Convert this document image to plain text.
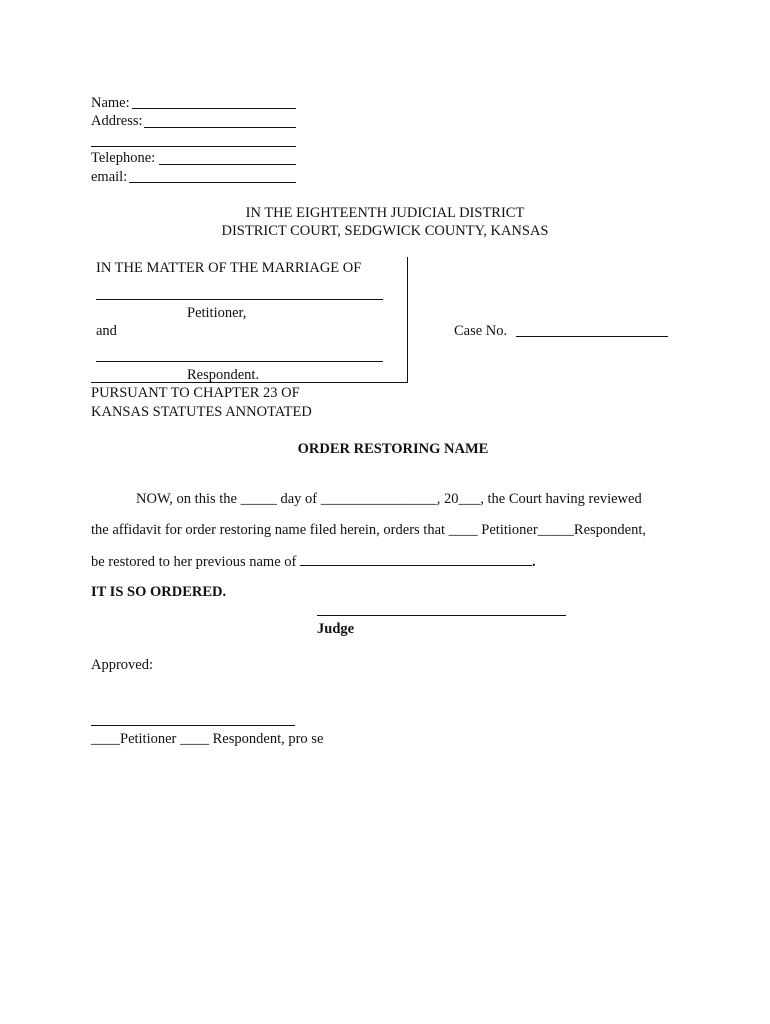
Name:
Address:
Telephone:
email:
IN THE EIGHTEENTH JUDICIAL DISTRICT
DISTRICT COURT, SEDGWICK COUNTY, KANSAS
IN THE MATTER OF THE MARRIAGE OF
Petitioner,
and	Case No.
Respondent.
PURSUANT TO CHAPTER 23 OF
KANSAS STATUTES ANNOTATED
ORDER RESTORING NAME
NOW, on this the _____ day of ________________, 20___, the Court having reviewed
the affidavit for order restoring name filed herein, orders that ____ Petitioner_____Respondent,
be restored to her previous name of	.
IT IS SO ORDERED.
Judge
Approved:
____Petitioner ____ Respondent, pro se
